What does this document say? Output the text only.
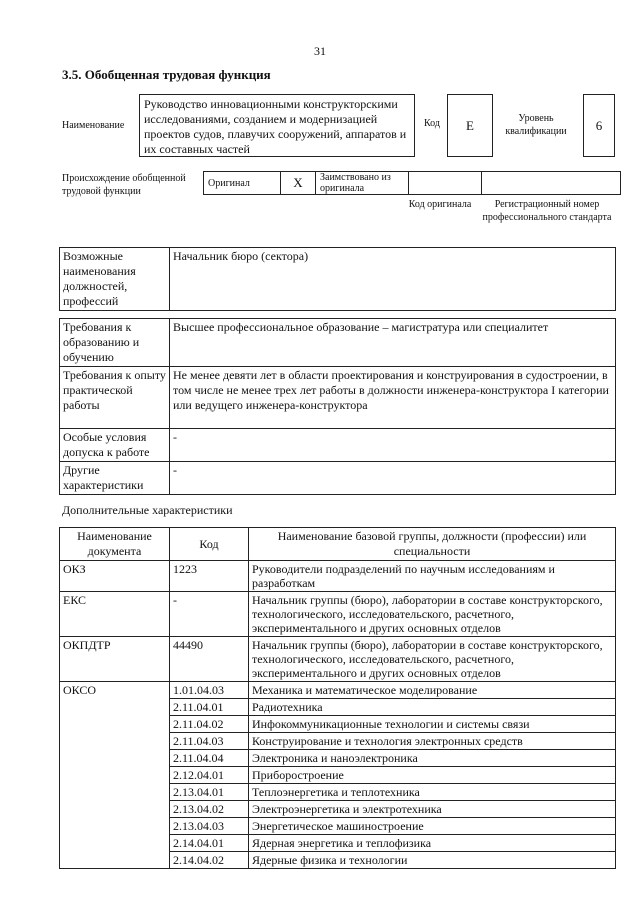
31
3.5. Обобщенная трудовая функция
Наименование
Руководство инновационными конструкторскими исследованиями, созданием и модернизацией проектов судов, плавучих сооружений, аппаратов и их составных частей
Код	E	Уровень квалификации	6
Происхождение обобщенной трудовой функции
Оригинал	X	Заимствовано из оригинала		
Код оригинала	Регистрационный номер профессионального стандарта
Возможные наименования должностей, профессий	Начальник бюро (сектора)
Требования к образованию и обучению	Высшее профессиональное образование – магистратура или специалитет
Требования к опыту практической работы	Не менее девяти лет в области проектирования и конструирования в судостроении, в том числе не менее трех лет работы в должности инженера-конструктора I категории или ведущего инженера-конструктора
Особые условия допуска к работе	-
Другие характеристики	-
Дополнительные характеристики
Наименование документа	Код	Наименование базовой группы, должности (профессии) или специальности
ОКЗ	1223	Руководители подразделений по научным исследованиям и разработкам
ЕКС	-	Начальник группы (бюро), лаборатории в составе конструкторского, технологического, исследовательского, расчетного, экспериментального и других основных отделов
ОКПДТР	44490	Начальник группы (бюро), лаборатории в составе конструкторского, технологического, исследовательского, расчетного, экспериментального и других основных отделов
ОКСО	1.01.04.03	Механика и математическое моделирование
	2.11.04.01	Радиотехника
	2.11.04.02	Инфокоммуникационные технологии и системы связи
	2.11.04.03	Конструирование и технология электронных средств
	2.11.04.04	Электроника и наноэлектроника
	2.12.04.01	Приборостроение
	2.13.04.01	Теплоэнергетика и теплотехника
	2.13.04.02	Электроэнергетика и электротехника
	2.13.04.03	Энергетическое машиностроение
	2.14.04.01	Ядерная энергетика и теплофизика
	2.14.04.02	Ядерные физика и технологии
